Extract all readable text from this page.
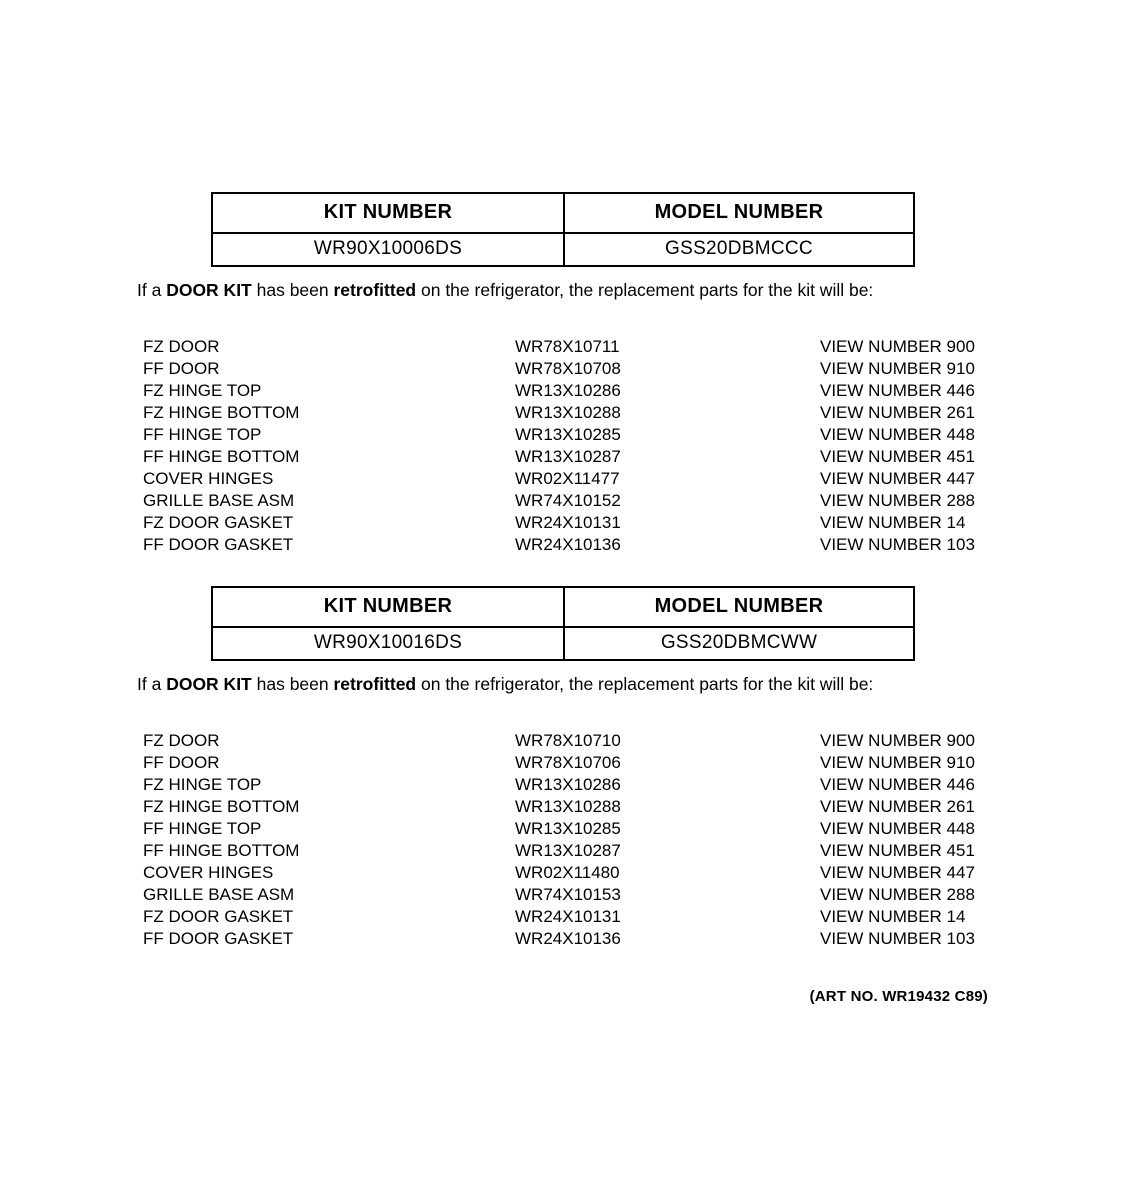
KIT NUMBER	MODEL NUMBER
WR90X10006DS	GSS20DBMCCC

If a DOOR KIT has been retrofitted on the refrigerator, the replacement parts for the kit will be:

FZ DOOR	WR78X10711	VIEW NUMBER 900
FF DOOR	WR78X10708	VIEW NUMBER 910
FZ HINGE TOP	WR13X10286	VIEW NUMBER 446
FZ HINGE BOTTOM	WR13X10288	VIEW NUMBER 261
FF HINGE TOP	WR13X10285	VIEW NUMBER 448
FF HINGE BOTTOM	WR13X10287	VIEW NUMBER 451
COVER HINGES	WR02X11477	VIEW NUMBER 447
GRILLE BASE ASM	WR74X10152	VIEW NUMBER 288
FZ DOOR GASKET	WR24X10131	VIEW NUMBER 14
FF DOOR GASKET	WR24X10136	VIEW NUMBER 103
KIT NUMBER	MODEL NUMBER
WR90X10016DS	GSS20DBMCWW

If a DOOR KIT has been retrofitted on the refrigerator, the replacement parts for the kit will be:

FZ DOOR	WR78X10710	VIEW NUMBER 900
FF DOOR	WR78X10706	VIEW NUMBER 910
FZ HINGE TOP	WR13X10286	VIEW NUMBER 446
FZ HINGE BOTTOM	WR13X10288	VIEW NUMBER 261
FF HINGE TOP	WR13X10285	VIEW NUMBER 448
FF HINGE BOTTOM	WR13X10287	VIEW NUMBER 451
COVER HINGES	WR02X11480	VIEW NUMBER 447
GRILLE BASE ASM	WR74X10153	VIEW NUMBER 288
FZ DOOR GASKET	WR24X10131	VIEW NUMBER 14
FF DOOR GASKET	WR24X10136	VIEW NUMBER 103
(ART NO. WR19432 C89)
